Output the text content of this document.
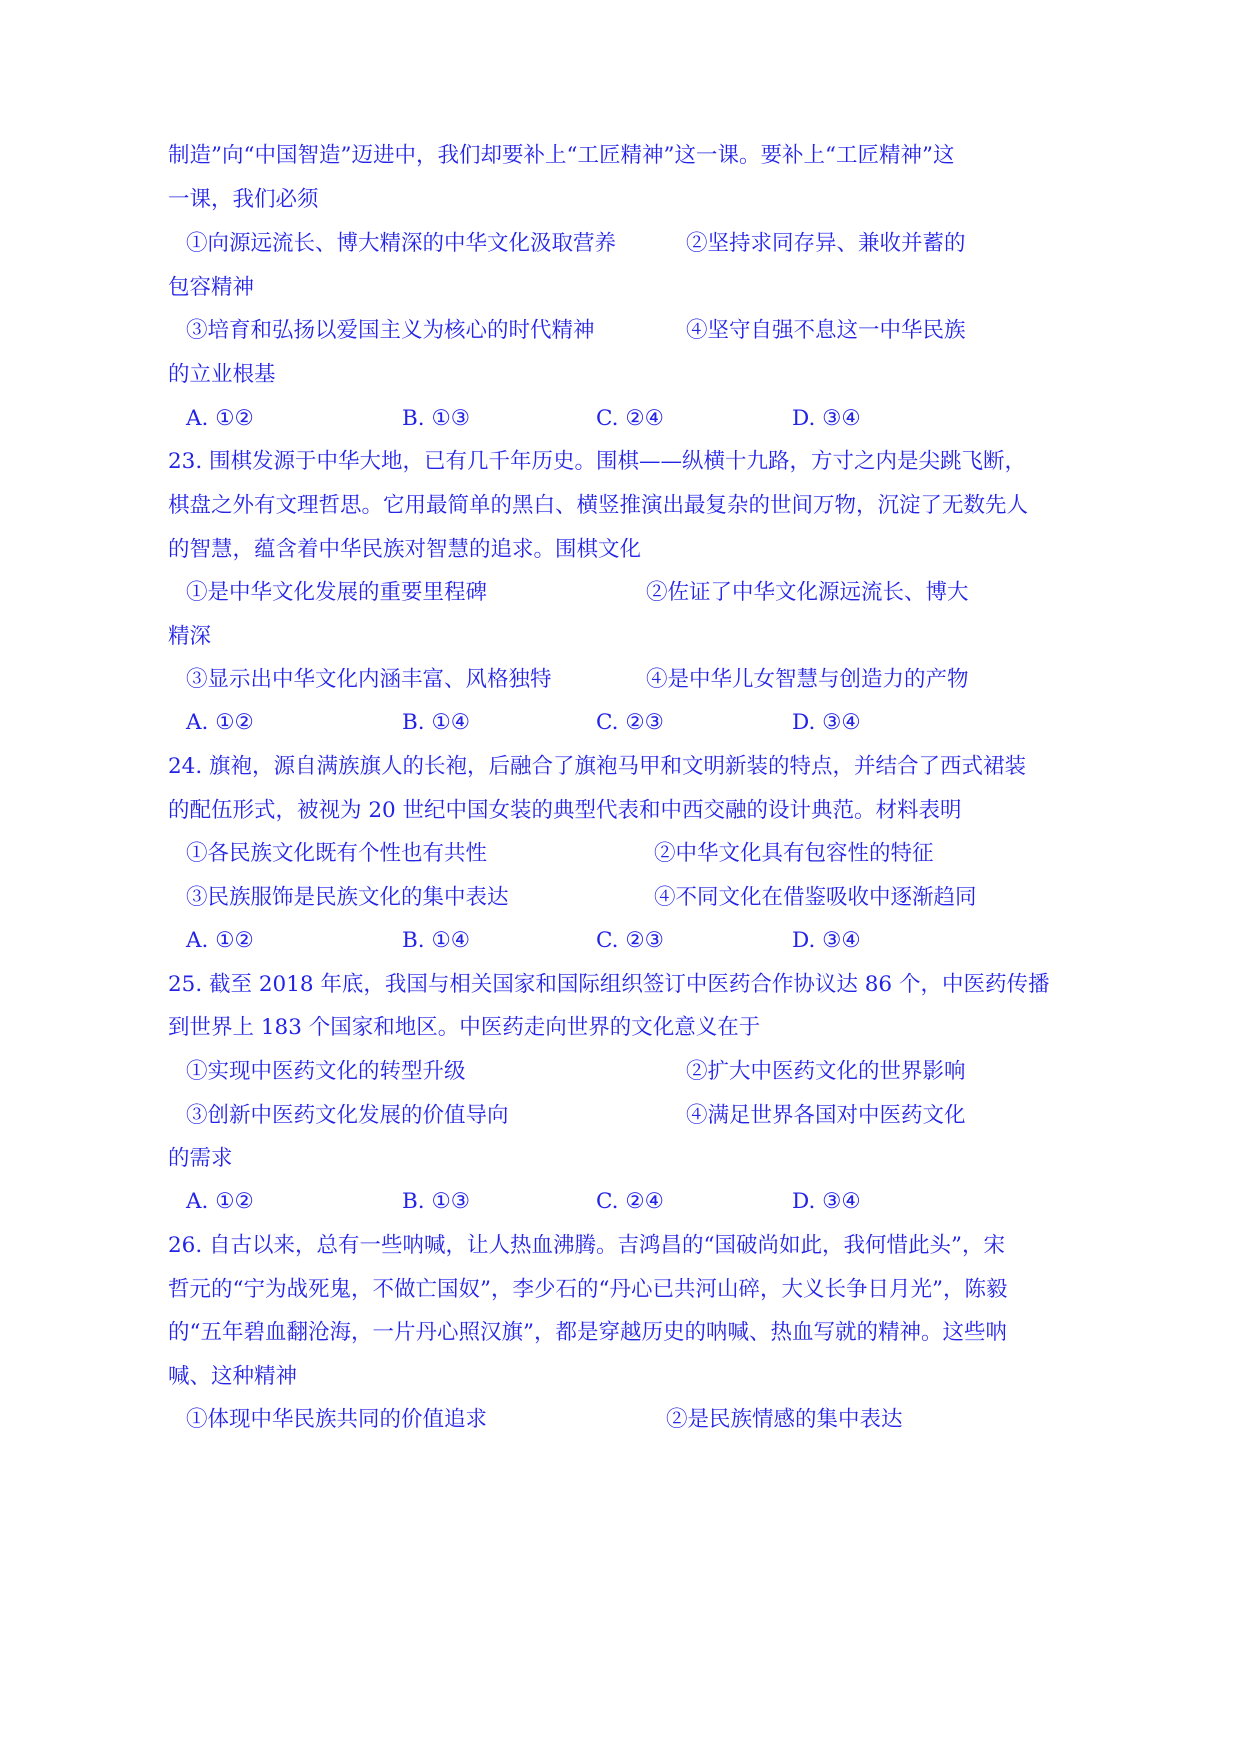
制造”向“中国智造”迈进中，我们却要补上“工匠精神”这一课。要补上“工匠精神”这
一课，我们必须
①向源远流长、博大精深的中华文化汲取营养	②坚持求同存异、兼收并蓄的
包容精神
③培育和弘扬以爱国主义为核心的时代精神	④坚守自强不息这一中华民族
的立业根基
A. ①②	B. ①③	C. ②④	D. ③④
23. 围棋发源于中华大地，已有几千年历史。围棋——纵横十九路，方寸之内是尖跳飞断，
棋盘之外有文理哲思。它用最简单的黑白、横竖推演出最复杂的世间万物，沉淀了无数先人
的智慧，蕴含着中华民族对智慧的追求。围棋文化
①是中华文化发展的重要里程碑	②佐证了中华文化源远流长、博大
精深
③显示出中华文化内涵丰富、风格独特	④是中华儿女智慧与创造力的产物
A. ①②	B. ①④	C. ②③	D. ③④
24. 旗袍，源自满族旗人的长袍，后融合了旗袍马甲和文明新装的特点，并结合了西式裙装
的配伍形式，被视为 20 世纪中国女装的典型代表和中西交融的设计典范。材料表明
①各民族文化既有个性也有共性	②中华文化具有包容性的特征
③民族服饰是民族文化的集中表达	④不同文化在借鉴吸收中逐渐趋同
A. ①②	B. ①④	C. ②③	D. ③④
25. 截至 2018 年底，我国与相关国家和国际组织签订中医药合作协议达 86 个，中医药传播
到世界上 183 个国家和地区。中医药走向世界的文化意义在于
①实现中医药文化的转型升级	②扩大中医药文化的世界影响
③创新中医药文化发展的价值导向	④满足世界各国对中医药文化
的需求
A. ①②	B. ①③	C. ②④	D. ③④
26. 自古以来，总有一些呐喊，让人热血沸腾。吉鸿昌的“国破尚如此，我何惜此头”，宋
哲元的“宁为战死鬼，不做亡国奴”，李少石的“丹心已共河山碎，大义长争日月光”，陈毅
的“五年碧血翻沧海，一片丹心照汉旗”，都是穿越历史的呐喊、热血写就的精神。这些呐
喊、这种精神
①体现中华民族共同的价值追求	②是民族情感的集中表达
